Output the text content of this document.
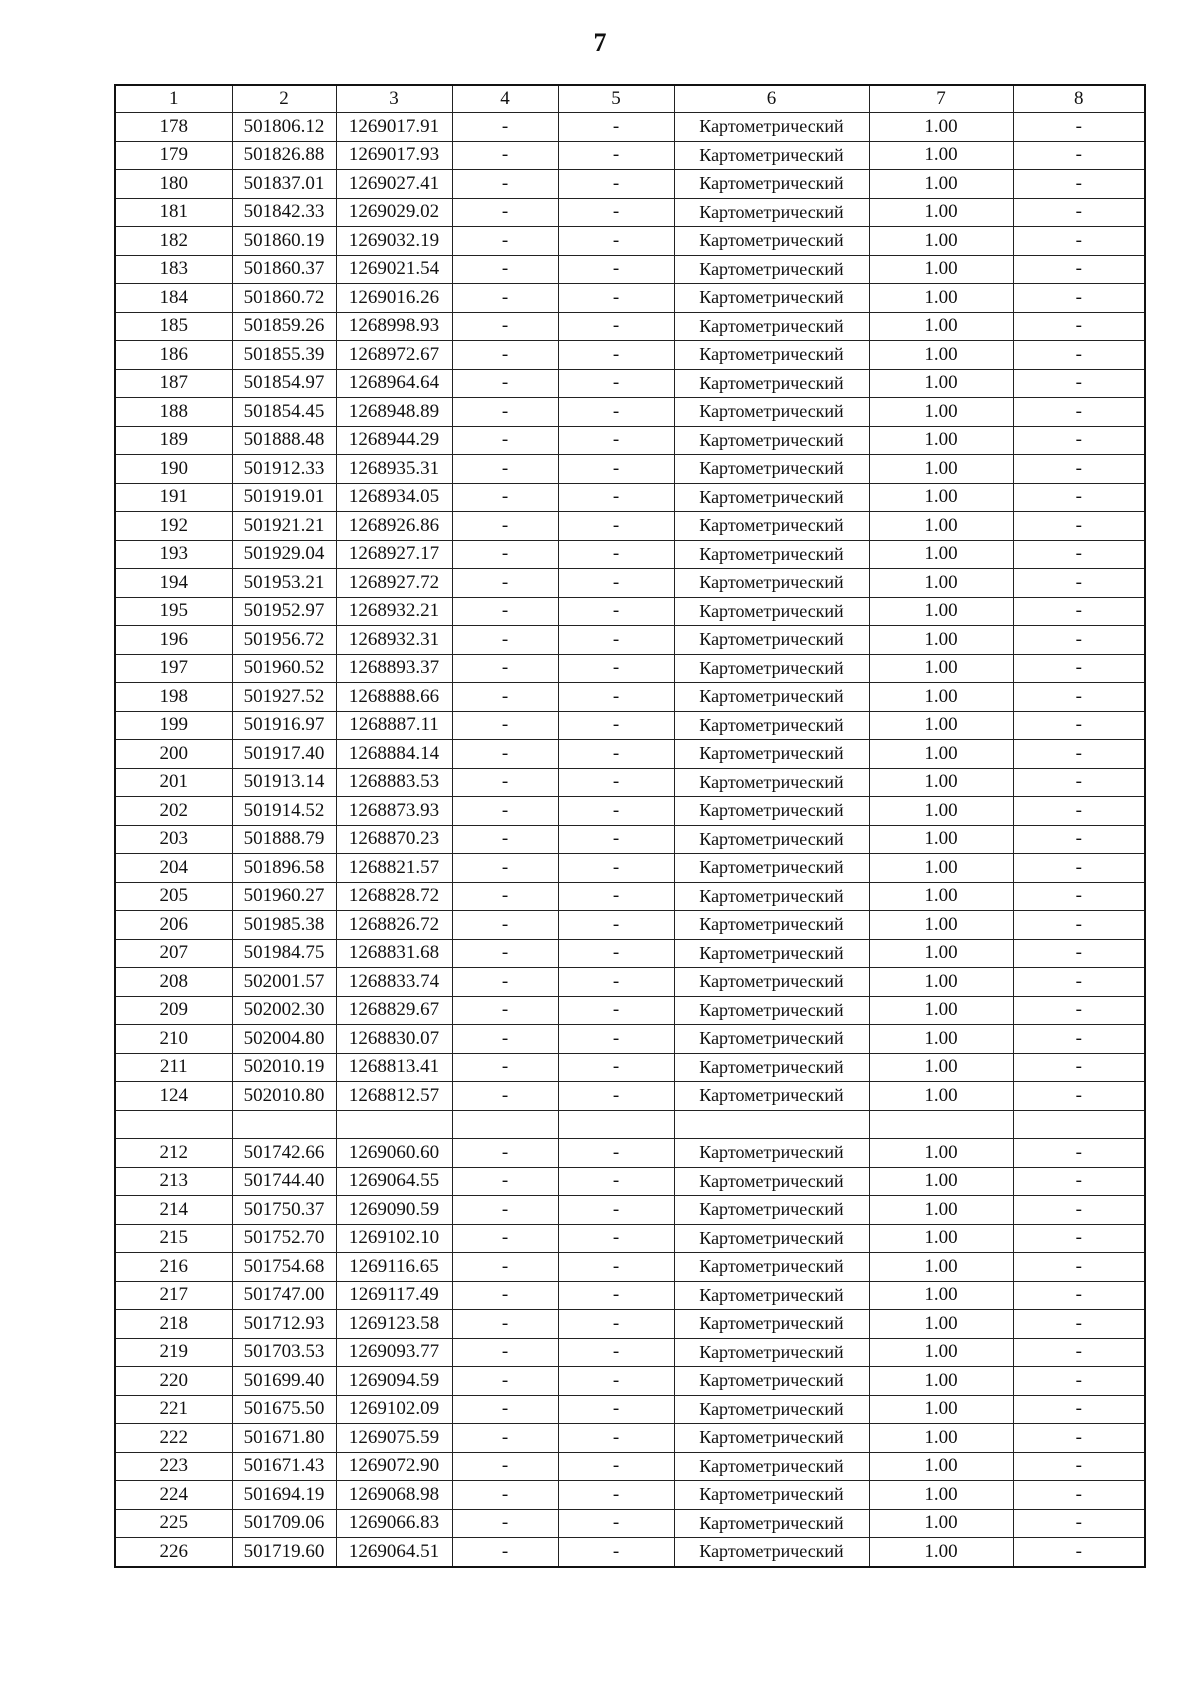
7
1	2	3	4	5	6	7	8
178	501806.12	1269017.91	-	-	Картометрический	1.00	-
179	501826.88	1269017.93	-	-	Картометрический	1.00	-
180	501837.01	1269027.41	-	-	Картометрический	1.00	-
181	501842.33	1269029.02	-	-	Картометрический	1.00	-
182	501860.19	1269032.19	-	-	Картометрический	1.00	-
183	501860.37	1269021.54	-	-	Картометрический	1.00	-
184	501860.72	1269016.26	-	-	Картометрический	1.00	-
185	501859.26	1268998.93	-	-	Картометрический	1.00	-
186	501855.39	1268972.67	-	-	Картометрический	1.00	-
187	501854.97	1268964.64	-	-	Картометрический	1.00	-
188	501854.45	1268948.89	-	-	Картометрический	1.00	-
189	501888.48	1268944.29	-	-	Картометрический	1.00	-
190	501912.33	1268935.31	-	-	Картометрический	1.00	-
191	501919.01	1268934.05	-	-	Картометрический	1.00	-
192	501921.21	1268926.86	-	-	Картометрический	1.00	-
193	501929.04	1268927.17	-	-	Картометрический	1.00	-
194	501953.21	1268927.72	-	-	Картометрический	1.00	-
195	501952.97	1268932.21	-	-	Картометрический	1.00	-
196	501956.72	1268932.31	-	-	Картометрический	1.00	-
197	501960.52	1268893.37	-	-	Картометрический	1.00	-
198	501927.52	1268888.66	-	-	Картометрический	1.00	-
199	501916.97	1268887.11	-	-	Картометрический	1.00	-
200	501917.40	1268884.14	-	-	Картометрический	1.00	-
201	501913.14	1268883.53	-	-	Картометрический	1.00	-
202	501914.52	1268873.93	-	-	Картометрический	1.00	-
203	501888.79	1268870.23	-	-	Картометрический	1.00	-
204	501896.58	1268821.57	-	-	Картометрический	1.00	-
205	501960.27	1268828.72	-	-	Картометрический	1.00	-
206	501985.38	1268826.72	-	-	Картометрический	1.00	-
207	501984.75	1268831.68	-	-	Картометрический	1.00	-
208	502001.57	1268833.74	-	-	Картометрический	1.00	-
209	502002.30	1268829.67	-	-	Картометрический	1.00	-
210	502004.80	1268830.07	-	-	Картометрический	1.00	-
211	502010.19	1268813.41	-	-	Картометрический	1.00	-
124	502010.80	1268812.57	-	-	Картометрический	1.00	-

212	501742.66	1269060.60	-	-	Картометрический	1.00	-
213	501744.40	1269064.55	-	-	Картометрический	1.00	-
214	501750.37	1269090.59	-	-	Картометрический	1.00	-
215	501752.70	1269102.10	-	-	Картометрический	1.00	-
216	501754.68	1269116.65	-	-	Картометрический	1.00	-
217	501747.00	1269117.49	-	-	Картометрический	1.00	-
218	501712.93	1269123.58	-	-	Картометрический	1.00	-
219	501703.53	1269093.77	-	-	Картометрический	1.00	-
220	501699.40	1269094.59	-	-	Картометрический	1.00	-
221	501675.50	1269102.09	-	-	Картометрический	1.00	-
222	501671.80	1269075.59	-	-	Картометрический	1.00	-
223	501671.43	1269072.90	-	-	Картометрический	1.00	-
224	501694.19	1269068.98	-	-	Картометрический	1.00	-
225	501709.06	1269066.83	-	-	Картометрический	1.00	-
226	501719.60	1269064.51	-	-	Картометрический	1.00	-
